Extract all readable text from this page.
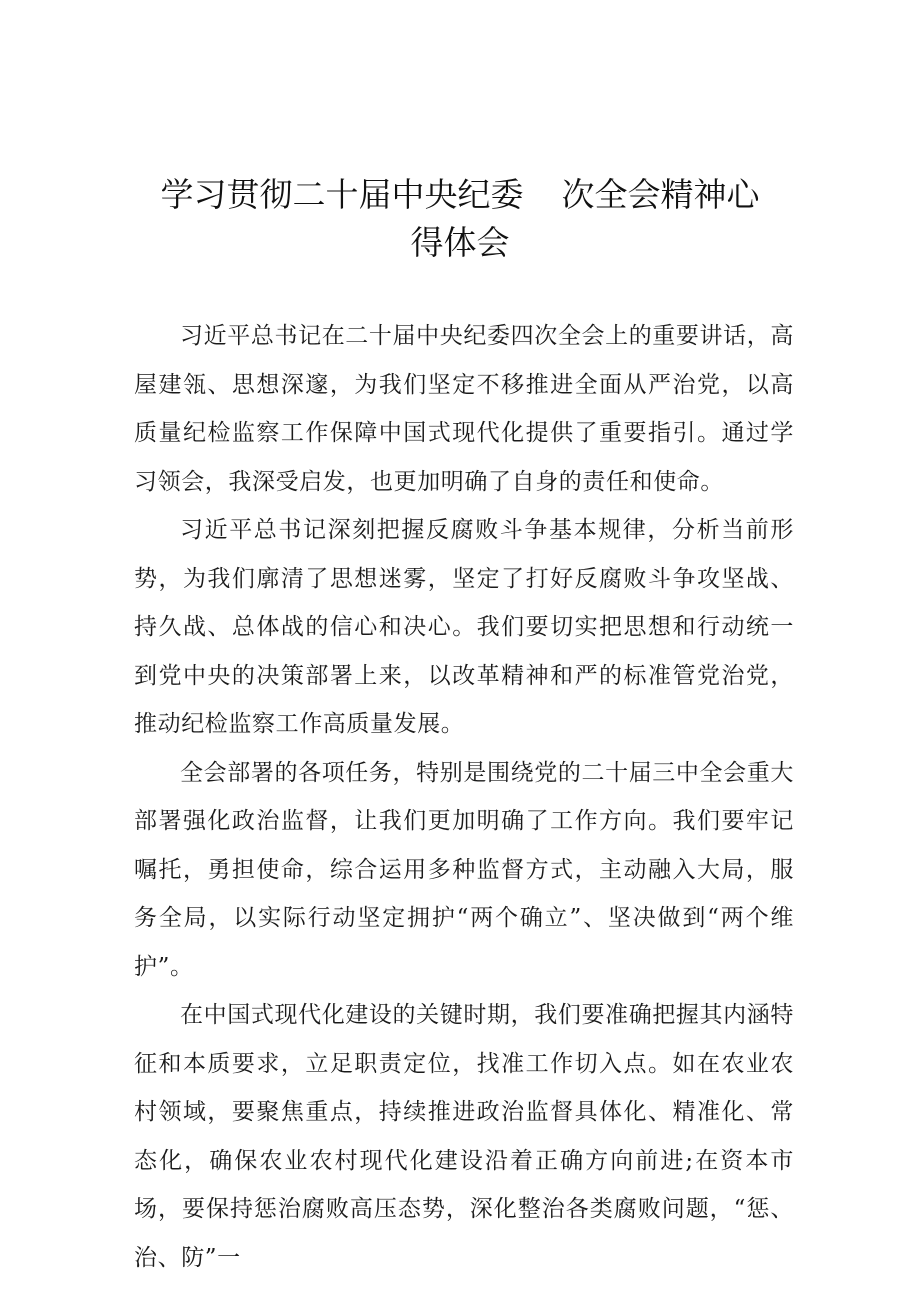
学习贯彻二十届中央纪委 次全会精神心
得体会

习近平总书记在二十届中央纪委四次全会上的重要讲话，高屋建瓴、思想深邃，为我们坚定不移推进全面从严治党，以高质量纪检监察工作保障中国式现代化提供了重要指引。通过学习领会，我深受启发，也更加明确了自身的责任和使命。

习近平总书记深刻把握反腐败斗争基本规律，分析当前形势，为我们廓清了思想迷雾，坚定了打好反腐败斗争攻坚战、持久战、总体战的信心和决心。我们要切实把思想和行动统一到党中央的决策部署上来，以改革精神和严的标准管党治党，推动纪检监察工作高质量发展。

全会部署的各项任务，特别是围绕党的二十届三中全会重大部署强化政治监督，让我们更加明确了工作方向。我们要牢记嘱托，勇担使命，综合运用多种监督方式，主动融入大局，服务全局，以实际行动坚定拥护“两个确立”、坚决做到“两个维护”。

在中国式现代化建设的关键时期，我们要准确把握其内涵特征和本质要求，立足职责定位，找准工作切入点。如在农业农村领域，要聚焦重点，持续推进政治监督具体化、精准化、常态化，确保农业农村现代化建设沿着正确方向前进;在资本市场，要保持惩治腐败高压态势，深化整治各类腐败问题，“惩、治、防”一
